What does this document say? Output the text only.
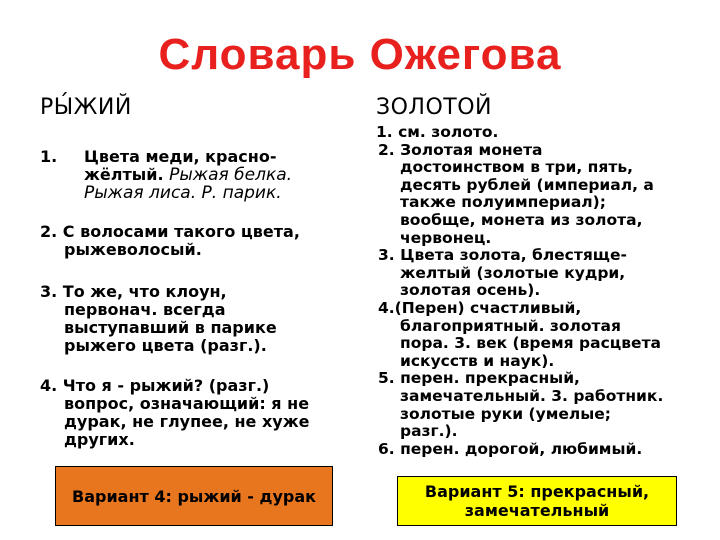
Словарь Ожегова
РЫ́ЖИЙ
1. Цвета меди, красно-
жёлтый. Рыжая белка.
Рыжая лиса. Р. парик.
2. С волосами такого цвета,
рыжеволосый.
3. То же, что клоун,
первонач. всегда
выступавший в парике
рыжего цвета (разг.).
4. Что я - рыжий? (разг.)
вопрос, означающий: я не
дурак, не глупее, не хуже
других.
Вариант 4: рыжий - дурак
ЗОЛОТОЙ
1. см. золото.
2. Золотая монета
достоинством в три, пять,
десять рублей (империал, а
также полуимпериал);
вообще, монета из золота,
червонец.
3. Цвета золота, блестяще-
желтый (золотые кудри,
золотая осень).
4.(Перен) счастливый,
благоприятный. золотая
пора. 3. век (время расцвета
искусств и наук).
5. перен. прекрасный,
замечательный. 3. работник.
золотые руки (умелые;
разг.).
6. перен. дорогой, любимый.
Вариант 5: прекрасный,
замечательный
